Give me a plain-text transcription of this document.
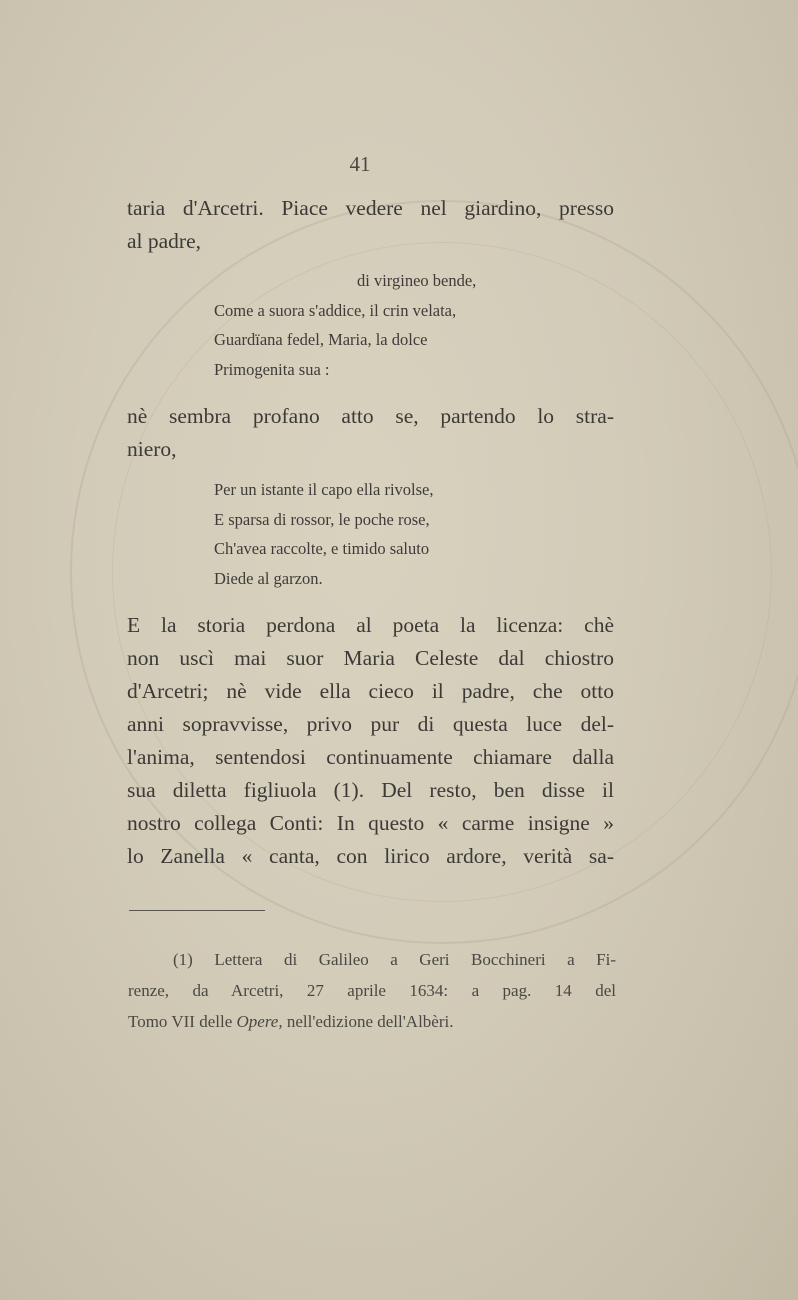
41
taria d'Arcetri. Piace vedere nel giardino, presso
al padre,
di virgineo bende,
Come a suora s'addice, il crin velata,
Guardïana fedel, Maria, la dolce
Primogenita sua :
nè sembra profano atto se, partendo lo stra-
niero,
Per un istante il capo ella rivolse,
E sparsa di rossor, le poche rose,
Ch'avea raccolte, e timido saluto
Diede al garzon.
E la storia perdona al poeta la licenza: chè
non uscì mai suor Maria Celeste dal chiostro
d'Arcetri; nè vide ella cieco il padre, che otto
anni sopravvisse, privo pur di questa luce del-
l'anima, sentendosi continuamente chiamare dalla
sua diletta figliuola (1). Del resto, ben disse il
nostro collega Conti: In questo « carme insigne »
lo Zanella « canta, con lirico ardore, verità sa-
(1) Lettera di Galileo a Geri Bocchineri a Fi-
renze, da Arcetri, 27 aprile 1634: a pag. 14 del
Tomo VII delle Opere, nell'edizione dell'Albèri.
